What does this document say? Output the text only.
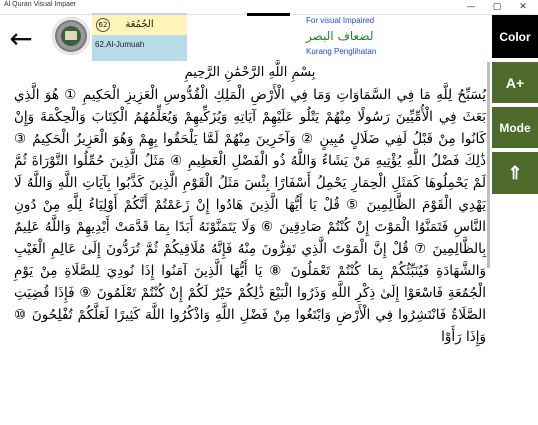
Al Quran Visual Impaer	—	▢	✕
←	الجُمُعَة
62
62.Al-Jumuah
For visual Impaired
لضعاف البصر
Kurang Penglihatan
Color
A+
Mode
⇑
بِسْمِ اللَّهِ الرَّحْمَٰنِ الرَّحِيمِ
يُسَبِّحُ لِلَّهِ مَا فِي السَّمَاوَاتِ وَمَا فِي الْأَرْضِ الْمَلِكِ الْقُدُّوسِ الْعَزِيزِ الْحَكِيمِ ① هُوَ الَّذِي بَعَثَ فِي الْأُمِّيِّينَ رَسُولًا مِنْهُمْ يَتْلُو عَلَيْهِمْ آيَاتِهِ وَيُزَكِّيهِمْ وَيُعَلِّمُهُمُ الْكِتَابَ وَالْحِكْمَةَ وَإِنْ كَانُوا مِنْ قَبْلُ لَفِي ضَلَالٍ مُبِينٍ ② وَآخَرِينَ مِنْهُمْ لَمَّا يَلْحَقُوا بِهِمْ وَهُوَ الْعَزِيزُ الْحَكِيمُ ③ ذَٰلِكَ فَضْلُ اللَّهِ يُؤْتِيهِ مَنْ يَشَاءُ وَاللَّهُ ذُو الْفَضْلِ الْعَظِيمِ ④ مَثَلُ الَّذِينَ حُمِّلُوا التَّوْرَاةَ ثُمَّ لَمْ يَحْمِلُوهَا كَمَثَلِ الْحِمَارِ يَحْمِلُ أَسْفَارًا بِئْسَ مَثَلُ الْقَوْمِ الَّذِينَ كَذَّبُوا بِآيَاتِ اللَّهِ وَاللَّهُ لَا يَهْدِي الْقَوْمَ الظَّالِمِينَ ⑤ قُلْ يَا أَيُّهَا الَّذِينَ هَادُوا إِنْ زَعَمْتُمْ أَنَّكُمْ أَوْلِيَاءُ لِلَّهِ مِنْ دُونِ النَّاسِ فَتَمَنَّوُا الْمَوْتَ إِنْ كُنْتُمْ صَادِقِينَ ⑥ وَلَا يَتَمَنَّوْنَهُ أَبَدًا بِمَا قَدَّمَتْ أَيْدِيهِمْ وَاللَّهُ عَلِيمٌ بِالظَّالِمِينَ ⑦ قُلْ إِنَّ الْمَوْتَ الَّذِي تَفِرُّونَ مِنْهُ فَإِنَّهُ مُلَاقِيكُمْ ثُمَّ تُرَدُّونَ إِلَىٰ عَالِمِ الْغَيْبِ وَالشَّهَادَةِ فَيُنَبِّئُكُمْ بِمَا كُنْتُمْ تَعْمَلُونَ ⑧ يَا أَيُّهَا الَّذِينَ آمَنُوا إِذَا نُودِيَ لِلصَّلَاةِ مِنْ يَوْمِ الْجُمُعَةِ فَاسْعَوْا إِلَىٰ ذِكْرِ اللَّهِ وَذَرُوا الْبَيْعَ ذَٰلِكُمْ خَيْرٌ لَكُمْ إِنْ كُنْتُمْ تَعْلَمُونَ ⑨ فَإِذَا قُضِيَتِ الصَّلَاةُ فَانْتَشِرُوا فِي الْأَرْضِ وَابْتَغُوا مِنْ فَضْلِ اللَّهِ وَاذْكُرُوا اللَّهَ كَثِيرًا لَعَلَّكُمْ تُفْلِحُونَ ⑩ وَإِذَا رَأَوْا
